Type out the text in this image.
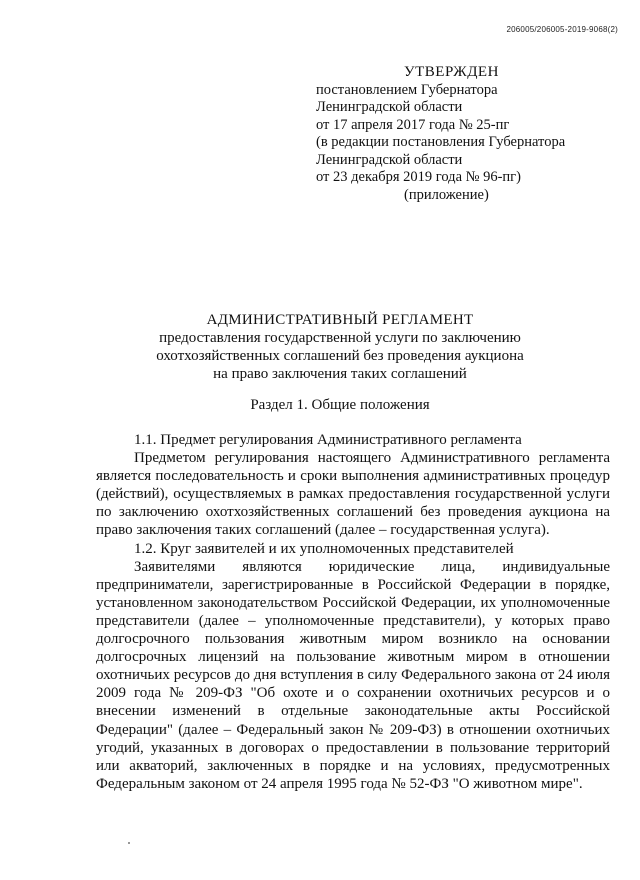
206005/206005-2019-9068(2)
УТВЕРЖДЕН
постановлением Губернатора
Ленинградской области
от 17 апреля 2017 года № 25-пг
(в редакции постановления Губернатора
Ленинградской области
от 23 декабря 2019 года № 96-пг)
(приложение)
АДМИНИСТРАТИВНЫЙ РЕГЛАМЕНТ
предоставления государственной услуги по заключению
охотхозяйственных соглашений без проведения аукциона
на право заключения таких соглашений
Раздел 1. Общие положения
1.1. Предмет регулирования Административного регламента

Предметом регулирования настоящего Административного регламента является последовательность и сроки выполнения административных процедур (действий), осуществляемых в рамках предоставления государственной услуги по заключению охотхозяйственных соглашений без проведения аукциона на право заключения таких соглашений (далее – государственная услуга).

1.2. Круг заявителей и их уполномоченных представителей

Заявителями являются юридические лица, индивидуальные предприниматели, зарегистрированные в Российской Федерации в порядке, установленном законодательством Российской Федерации, их уполномоченные представители (далее – уполномоченные представители), у которых право долгосрочного пользования животным миром возникло на основании долгосрочных лицензий на пользование животным миром в отношении охотничьих ресурсов до дня вступления в силу Федерального закона от 24 июля 2009 года № 209-ФЗ "Об охоте и о сохранении охотничьих ресурсов и о внесении изменений в отдельные законодательные акты Российской Федерации" (далее – Федеральный закон № 209-ФЗ) в отношении охотничьих угодий, указанных в договорах о предоставлении в пользование территорий или акваторий, заключенных в порядке и на условиях, предусмотренных Федеральным законом от 24 апреля 1995 года № 52-ФЗ "О животном мире".
